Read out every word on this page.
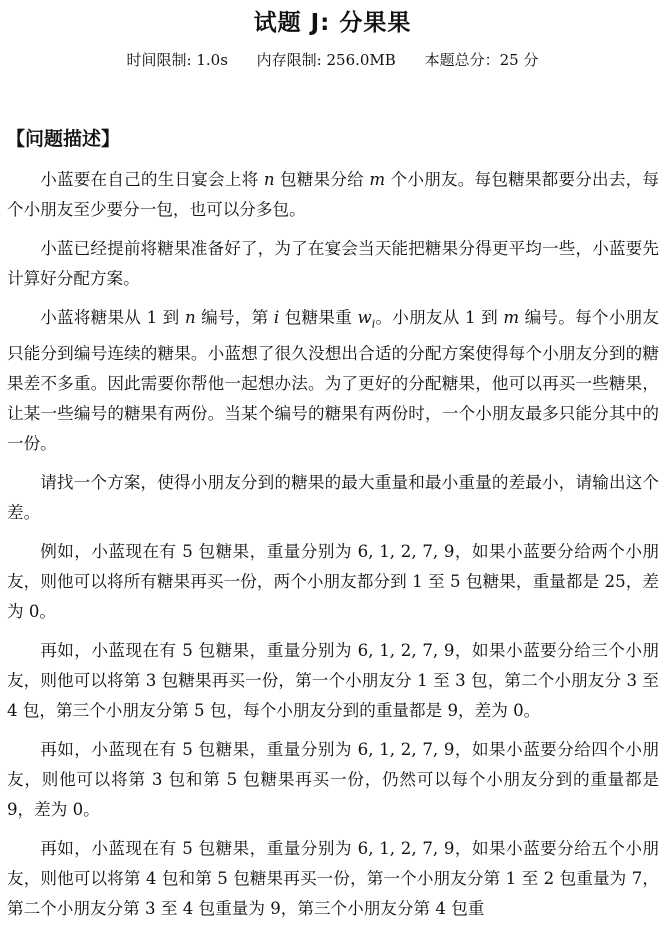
试题 J: 分果果
时间限制: 1.0s 内存限制: 256.0MB 本题总分：25 分
【问题描述】

小蓝要在自己的生日宴会上将 n 包糖果分给 m 个小朋友。每包糖果都要分出去，每个小朋友至少要分一包，也可以分多包。

小蓝已经提前将糖果准备好了，为了在宴会当天能把糖果分得更平均一些，小蓝要先计算好分配方案。

小蓝将糖果从 1 到 n 编号，第 i 包糖果重 $w_i$。小朋友从 1 到 m 编号。每个小朋友只能分到编号连续的糖果。小蓝想了很久没想出合适的分配方案使得每个小朋友分到的糖果差不多重。因此需要你帮他一起想办法。为了更好的分配糖果，他可以再买一些糖果，让某一些编号的糖果有两份。当某个编号的糖果有两份时，一个小朋友最多只能分其中的一份。

请找一个方案，使得小朋友分到的糖果的最大重量和最小重量的差最小，请输出这个差。

例如，小蓝现在有 5 包糖果，重量分别为 6, 1, 2, 7, 9，如果小蓝要分给两个小朋友，则他可以将所有糖果再买一份，两个小朋友都分到 1 至 5 包糖果，重量都是 25，差为 0。

再如，小蓝现在有 5 包糖果，重量分别为 6, 1, 2, 7, 9，如果小蓝要分给三个小朋友，则他可以将第 3 包糖果再买一份，第一个小朋友分 1 至 3 包，第二个小朋友分 3 至 4 包，第三个小朋友分第 5 包，每个小朋友分到的重量都是 9，差为 0。

再如，小蓝现在有 5 包糖果，重量分别为 6, 1, 2, 7, 9，如果小蓝要分给四个小朋友，则他可以将第 3 包和第 5 包糖果再买一份，仍然可以每个小朋友分到的重量都是 9，差为 0。

再如，小蓝现在有 5 包糖果，重量分别为 6, 1, 2, 7, 9，如果小蓝要分给五个小朋友，则他可以将第 4 包和第 5 包糖果再买一份，第一个小朋友分第 1 至 2 包重量为 7，第二个小朋友分第 3 至 4 包重量为 9，第三个小朋友分第 4 包重
